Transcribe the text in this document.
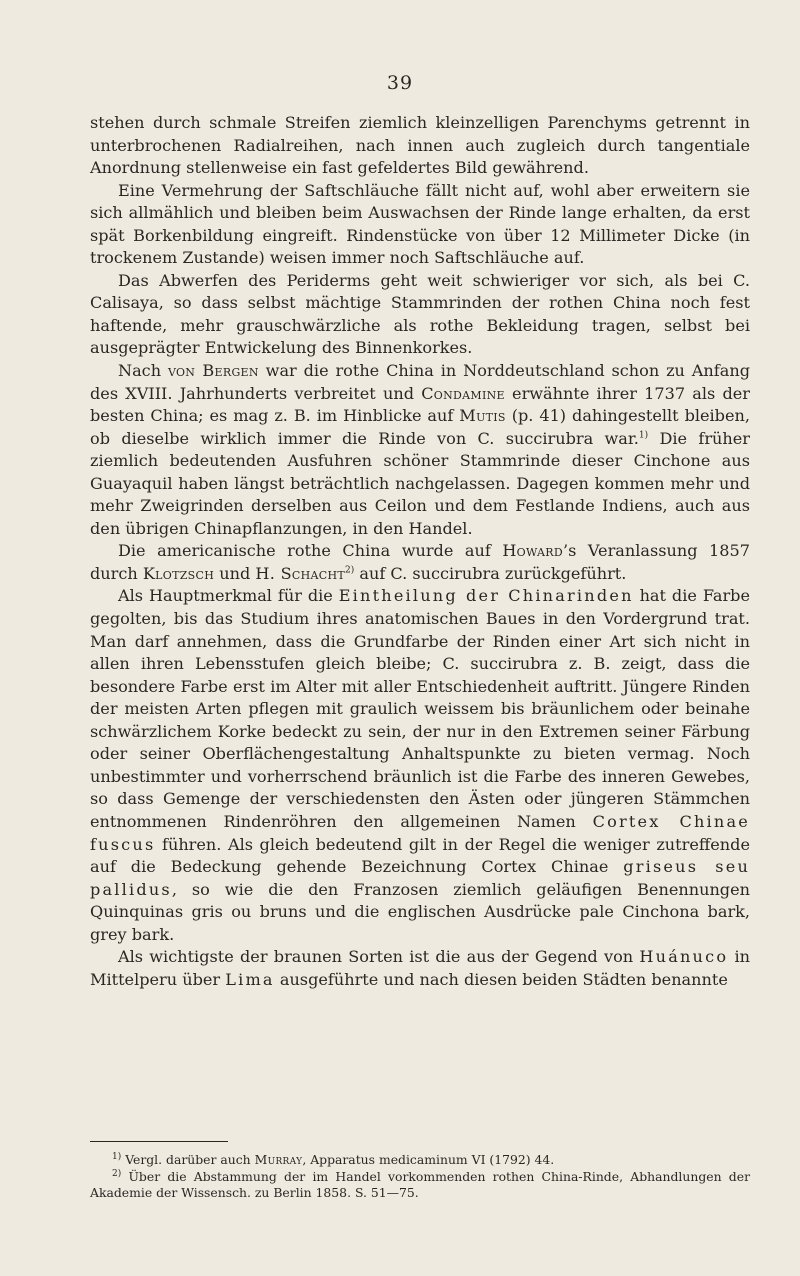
39

stehen durch schmale Streifen ziemlich kleinzelligen Parenchyms getrennt in unterbrochenen Radialreihen, nach innen auch zugleich durch tangentiale Anordnung stellenweise ein fast gefeldertes Bild gewährend.

Eine Vermehrung der Saftschläuche fällt nicht auf, wohl aber erweitern sie sich allmählich und bleiben beim Auswachsen der Rinde lange erhalten, da erst spät Borkenbildung eingreift. Rindenstücke von über 12 Millimeter Dicke (in trockenem Zustande) weisen immer noch Saftschläuche auf.

Das Abwerfen des Periderms geht weit schwieriger vor sich, als bei C. Calisaya, so dass selbst mächtige Stammrinden der rothen China noch fest haftende, mehr grauschwärzliche als rothe Bekleidung tragen, selbst bei ausgeprägter Entwickelung des Binnenkorkes.

Nach von Bergen war die rothe China in Norddeutschland schon zu Anfang des XVIII. Jahrhunderts verbreitet und Condamine erwähnte ihrer 1737 als der besten China; es mag z. B. im Hinblicke auf Mutis (p. 41) dahingestellt bleiben, ob dieselbe wirklich immer die Rinde von C. succirubra war.$^{1)}$ Die früher ziemlich bedeutenden Ausfuhren schöner Stammrinde dieser Cinchone aus Guayaquil haben längst beträchtlich nachgelassen. Dagegen kommen mehr und mehr Zweigrinden derselben aus Ceilon und dem Festlande Indiens, auch aus den übrigen Chinapflanzungen, in den Handel.

Die americanische rothe China wurde auf Howard’s Veranlassung 1857 durch Klotzsch und H. Schacht$^{2)}$ auf C. succirubra zurückgeführt.

Als Hauptmerkmal für die Eintheilung der Chinarinden hat die Farbe gegolten, bis das Studium ihres anatomischen Baues in den Vordergrund trat. Man darf annehmen, dass die Grundfarbe der Rinden einer Art sich nicht in allen ihren Lebensstufen gleich bleibe; C. succirubra z. B. zeigt, dass die besondere Farbe erst im Alter mit aller Entschiedenheit auftritt. Jüngere Rinden der meisten Arten pflegen mit graulich weissem bis bräunlichem oder beinahe schwärzlichem Korke bedeckt zu sein, der nur in den Extremen seiner Färbung oder seiner Oberflächengestaltung Anhaltspunkte zu bieten vermag. Noch unbestimmter und vorherrschend bräunlich ist die Farbe des inneren Gewebes, so dass Gemenge der verschiedensten den Ästen oder jüngeren Stämmchen entnommenen Rindenröhren den allgemeinen Namen Cortex Chinae fuscus führen. Als gleich bedeutend gilt in der Regel die weniger zutreffende auf die Bedeckung gehende Bezeichnung Cortex Chinae griseus seu pallidus, so wie die den Franzosen ziemlich geläufigen Benennungen Quinquinas gris ou bruns und die englischen Ausdrücke pale Cinchona bark, grey bark.

Als wichtigste der braunen Sorten ist die aus der Gegend von Huánuco in Mittelperu über Lima ausgeführte und nach diesen beiden Städten benannte

$^{1)}$ Vergl. darüber auch Murray, Apparatus medicaminum VI (1792) 44.

$^{2)}$ Über die Abstammung der im Handel vorkommenden rothen China-Rinde, Abhandlungen der Akademie der Wissensch. zu Berlin 1858. S. 51—75.
